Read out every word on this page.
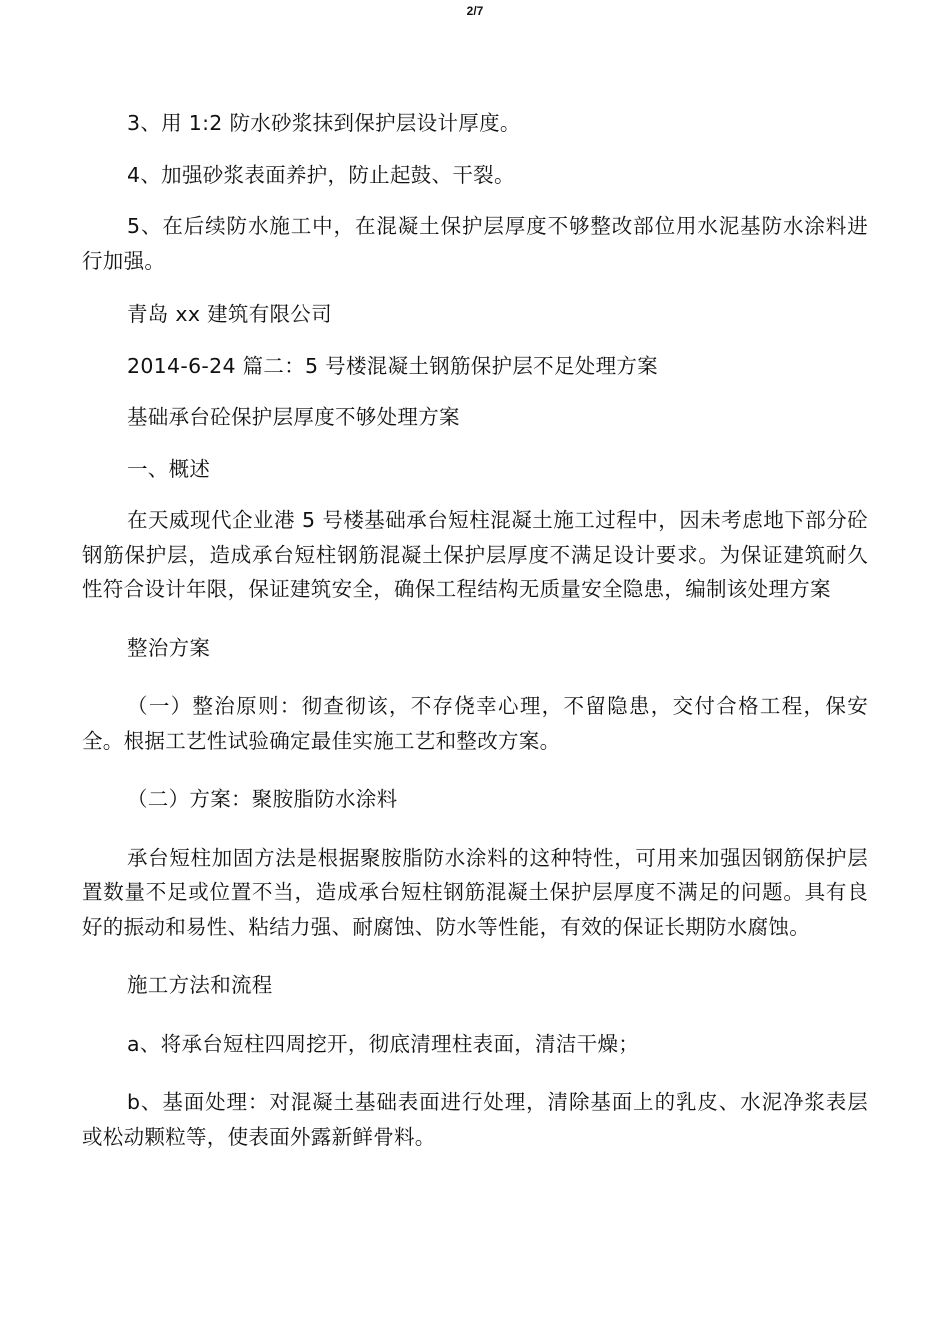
2/7

3、用 1:2 防水砂浆抹到保护层设计厚度。

4、加强砂浆表面养护，防止起鼓、干裂。

5、在后续防水施工中，在混凝土保护层厚度不够整改部位用水泥基防水涂料进行加强。

青岛 xx 建筑有限公司

2014-6-24 篇二：5 号楼混凝土钢筋保护层不足处理方案

基础承台砼保护层厚度不够处理方案

一、概述

在天威现代企业港 5 号楼基础承台短柱混凝土施工过程中，因未考虑地下部分砼钢筋保护层，造成承台短柱钢筋混凝土保护层厚度不满足设计要求。为保证建筑耐久性符合设计年限，保证建筑安全，确保工程结构无质量安全隐患，编制该处理方案

整治方案

（一）整治原则：彻查彻该，不存侥幸心理，不留隐患，交付合格工程，保安全。根据工艺性试验确定最佳实施工艺和整改方案。

（二）方案：聚胺脂防水涂料

承台短柱加固方法是根据聚胺脂防水涂料的这种特性，可用来加强因钢筋保护层置数量不足或位置不当，造成承台短柱钢筋混凝土保护层厚度不满足的问题。具有良好的振动和易性、粘结力强、耐腐蚀、防水等性能，有效的保证长期防水腐蚀。

施工方法和流程

a、将承台短柱四周挖开，彻底清理柱表面，清洁干燥；

b、基面处理：对混凝土基础表面进行处理，清除基面上的乳皮、水泥净浆表层或松动颗粒等，使表面外露新鲜骨料。
